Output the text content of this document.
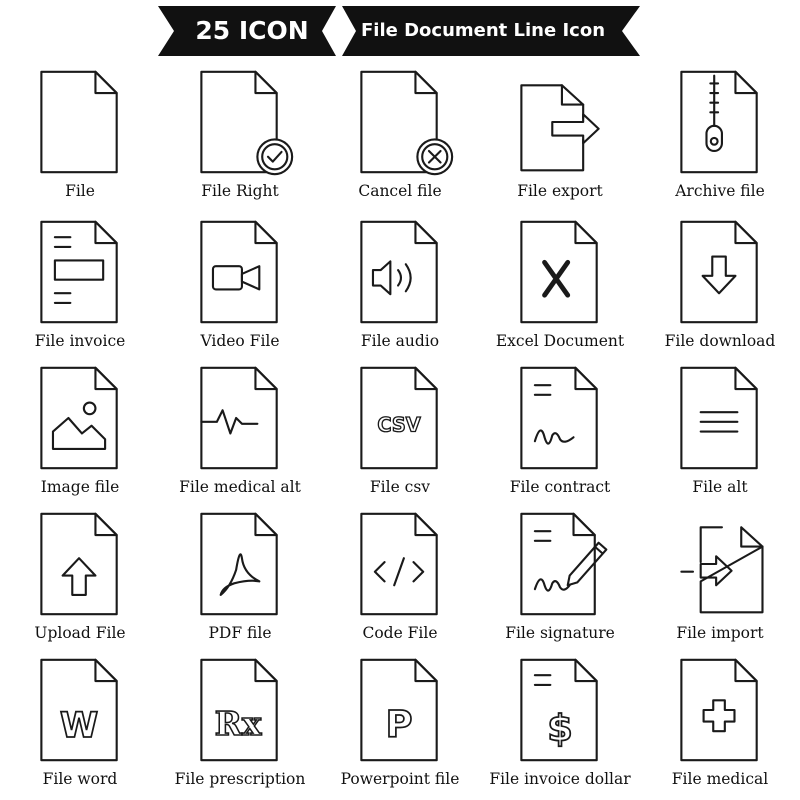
25 ICON	File Document Line Icon
File	File Right	Cancel file	File export	Archive file
File invoice	Video File	File audio	Excel Document	File download
Image file	File medical alt
CSV
File csv	File contract	File alt
Upload File	PDF file	Code File	File signature	File import
W
File word
Rx
File prescription
P
Powerpoint file
$
File invoice dollar	File medical
